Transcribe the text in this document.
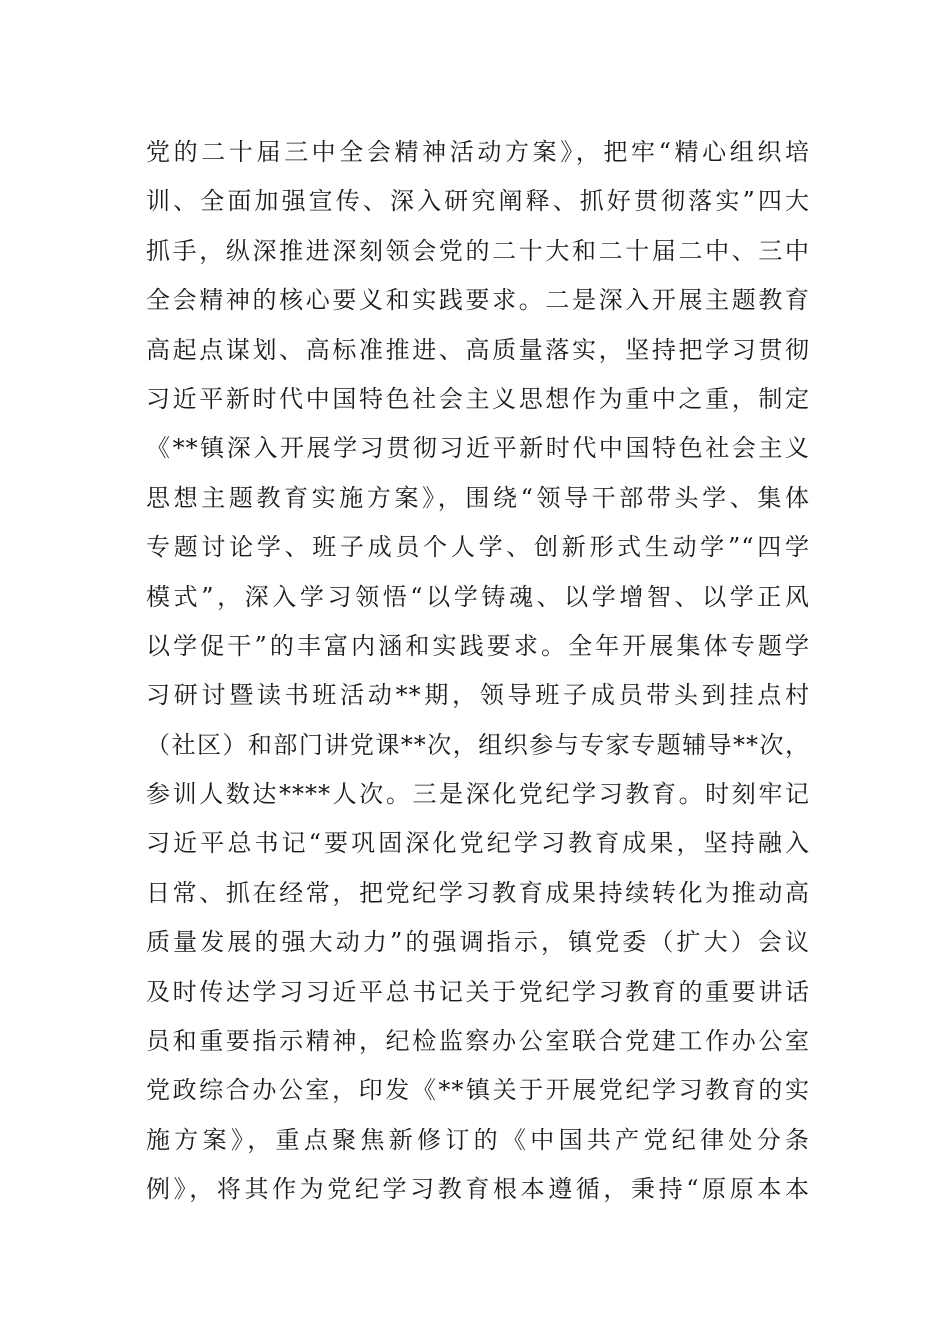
党的二十届三中全会精神活动方案》，把牢“精心组织培
训、全面加强宣传、深入研究阐释、抓好贯彻落实”四大
抓手，纵深推进深刻领会党的二十大和二十届二中、三中
全会精神的核心要义和实践要求。二是深入开展主题教育
高起点谋划、高标准推进、高质量落实，坚持把学习贯彻
习近平新时代中国特色社会主义思想作为重中之重，制定
《**镇深入开展学习贯彻习近平新时代中国特色社会主义
思想主题教育实施方案》，围绕“领导干部带头学、集体
专题讨论学、班子成员个人学、创新形式生动学”“四学
模式”，深入学习领悟“以学铸魂、以学增智、以学正风
以学促干”的丰富内涵和实践要求。全年开展集体专题学
习研讨暨读书班活动**期，领导班子成员带头到挂点村
（社区）和部门讲党课**次，组织参与专家专题辅导**次，
参训人数达****人次。三是深化党纪学习教育。时刻牢记
习近平总书记“要巩固深化党纪学习教育成果，坚持融入
日常、抓在经常，把党纪学习教育成果持续转化为推动高
质量发展的强大动力”的强调指示，镇党委（扩大）会议
及时传达学习习近平总书记关于党纪学习教育的重要讲话
员和重要指示精神，纪检监察办公室联合党建工作办公室
党政综合办公室，印发《**镇关于开展党纪学习教育的实
施方案》，重点聚焦新修订的《中国共产党纪律处分条
例》，将其作为党纪学习教育根本遵循，秉持“原原本本
